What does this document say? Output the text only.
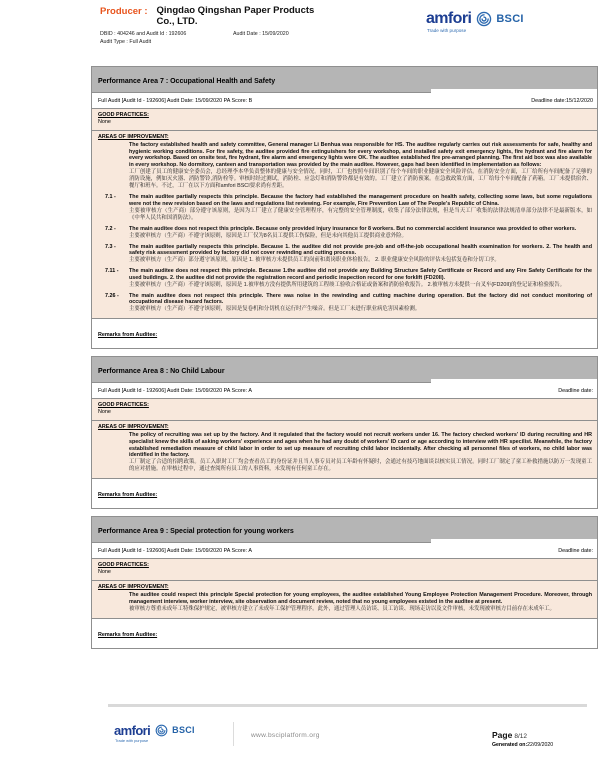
Producer : Qingdao Qingshan Paper Products
Co., LTD.
DBID : 404246 and Audit Id : 192606	Audit Date : 15/09/2020
Audit Type : Full Audit
amfori BSCI
Trade with purpose
Performance Area 7 : Occupational Health and Safety
Full Audit [Audit Id - 192606] Audit Date: 15/09/2020 PA Score: B	Deadline date:15/12/2020
GOOD PRACTICES:
None
AREAS OF IMPROVEMENT:

The factory established health and safety committee, General manager Li Benhua was responsible for HS. The auditee regularly carries out risk assessments for safe, healthy and hygienic working conditions. For fire safety, the auditee provided fire extinguishers for every workshop, and installed safety exit emergency lights, fire hydrant and fire alarm for every workshop. Based on onsite test, fire hydrant, fire alarm and emergency lights were OK. The auditee established fire pre-arranged planning. The first aid box was also available in every workshop. No dormitory, canteen and transportation was provided by the main auditee. However, gaps had been identified in implementation as follows:

工厂创建了员工的健康安全委员会，总经理李本华负责整体的健康与安全情况。同时，工厂也按照车间识别了每个车间的职业健康安全风险评估。在消防安全方面，工厂给所有车间配备了足够的消防设施，例如灭火器、消防警铃,消防栓等。审核时经过测试，消防栓、应急灯和消防警铃都是有效的。工厂建立了消防预案。在急救政策方面，工厂给每个车间配备了药箱。工厂未提供宿舍、餐厅和班车。不过，工厂在以下方面和amfori BSCI要求尚有差距。

7.1 -	The main auditee partially respects this principle. Because the factory had established the management procedure on health safety, collecting some laws, but some regulations were not the new revision based on the laws and regulations list reviewing. For example, Fire Prevention Law of The People's Republic of China.

主要被审核方（生产商）部分遵守该原则，是因为工厂建立了健康安全管理程序，有完整的安全管理制度，收集了部分法律法规，但是当天工厂收集的法律法规清单部分法律不是最新版本，如《中华人民共和国消防法》。

7.2 -	The main auditee does not respect this principle. Because only provided injury insurance for 8 workers. But no commercial accident insurance was provided to other workers.

主要被审核方（生产商）不遵守该原则，原因是工厂仅为8名员工提供工伤保险，但是未向其他员工提供商业意外险。

7.3 -	The main auditee partially respects this principle. Because 1. the auditee did not provide pre-job and off-the-job occupational health examination for workers. 2. The health and safety risk assessment provided by factory did not cover rewinding and cutting process.

主要被审核方（生产商）部分遵守该原则，原因是 1. 被审核方未提供员工的岗前和离岗职业体检报告。 2. 职业健康安全风险的评估未包括复卷和分切工序。

7.11 -	The main auditee does not respect this principle. Because 1.the auditee did not provide any Building Structure Safety Certificate or Record and any Fire Safety Certificate for the used buildings. 2. the auditee did not provide the registration record and periodic inspection record for one forklift (FD20II).

主要被审核方（生产商）不遵守该原则，原因是 1.被审核方没有提供所用建筑的工程竣工验收合格证或备案和消防验收报告。 2.被审核方未提供一台叉车(FD20II)的登记证和检验报告。

7.26 -	The main auditee does not respect this principle. There was noise in the rewinding and cutting machine during operation. But the factory did not conduct monitoring of occupational disease hazard factors.

主要被审核方（生产商）不遵守该原则，原因是复卷机和分切机在运行时产生噪音。但是工厂未进行职业病危害因素检测。

Remarks from Auditee:
Performance Area 8 : No Child Labour
Full Audit [Audit Id - 192606] Audit Date: 15/09/2020 PA Score: A	Deadline date:
GOOD PRACTICES:
None
AREAS OF IMPROVEMENT:

The policy of recruiting was set up by the factory. And it regulated that the factory would not recruit workers under 16. The factory checked workers' ID during recruiting and HR specialist knew the skills of asking workers' experience and ages when he had any doubt of workers' ID card or age according to interview with HR specilist. Meanwhile, the factory established remediation measure of child labor in order to set up measure of recruiting child labor incidentally. After checking all personnel files of workers, no child labor was identified in the factory.

工厂制定了合适的招聘政策。员工入职时工厂均会查看员工的身份证并且当人事专员对员工年龄有怀疑时，会通过有技巧地面谈以核实员工情况。同时工厂制定了童工补救措施以防万一发现童工的应对措施。在审核过程中，通过查阅所有员工的人事资料，未发现有任何童工存在。

Remarks from Auditee:
Performance Area 9 : Special protection for young workers
Full Audit [Audit Id - 192606] Audit Date: 15/09/2020 PA Score: A	Deadline date:
GOOD PRACTICES:
None
AREAS OF IMPROVEMENT:

The auditee could respect this principle Special protection for young employees, the auditee established Young Employee Protection Management Procedure. Moreover, through management interview, worker interview, site observation and document review, noted that no young employees existed in the auditee at present.

被审核方尊重未成年工特殊保护规定，被审核方建立了未成年工保护管理程序。此外，通过管理人员访谈、员工访谈、现场走访以及文件审核，未发现被审核方目前存在未成年工。

Remarks from Auditee:
amfori BSCI
Trade with purpose
www.bsciplatform.org	Page 8/12
Generated on:22/09/2020
